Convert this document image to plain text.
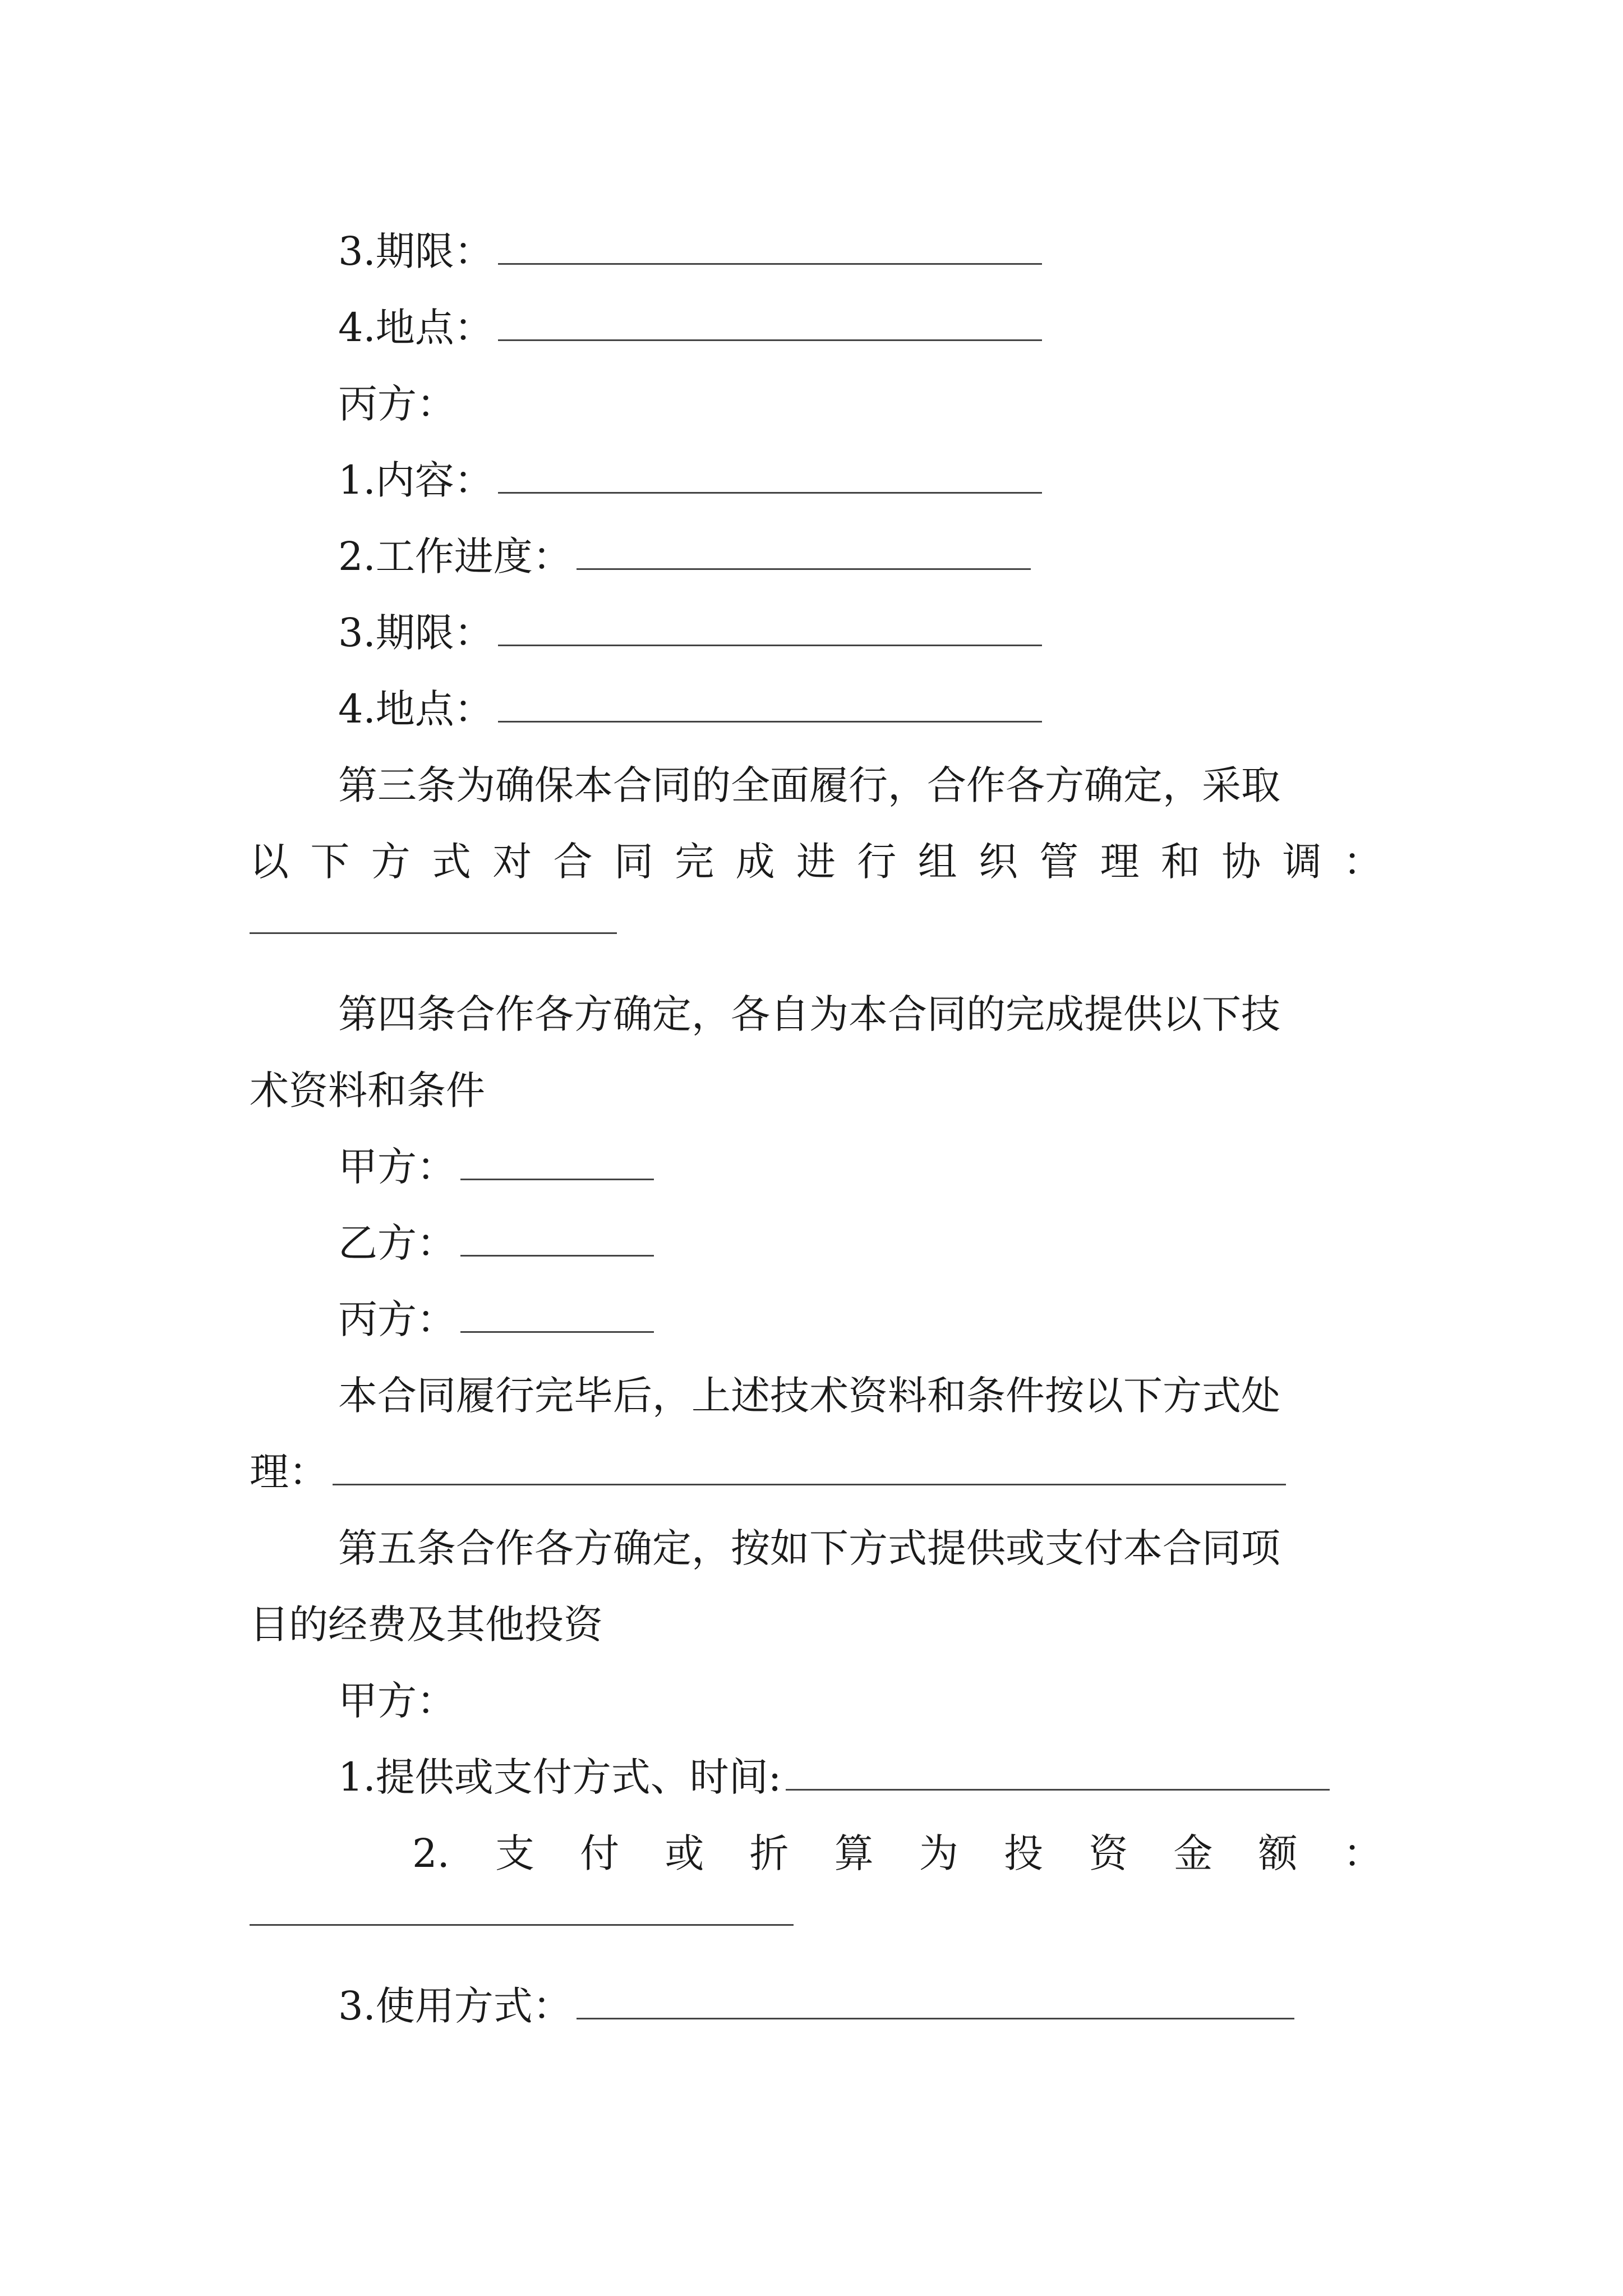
3.期限：
4.地点：
丙方：
1.内容：
2.工作进度：
3.期限：
4.地点：
第三条为确保本合同的全面履行，合作各方确定，采取
以 下 方 式 对 合 同 完 成 进 行 组 织 管 理 和 协 调 ：
第四条合作各方确定，各自为本合同的完成提供以下技
术资料和条件
甲方：
乙方：
丙方：
本合同履行完毕后，上述技术资料和条件按以下方式处
理：
第五条合作各方确定，按如下方式提供或支付本合同项
目的经费及其他投资
甲方：
1.提供或支付方式、时间:
2. 支 付 或 折 算 为 投 资 金 额 ：
3.使用方式：
